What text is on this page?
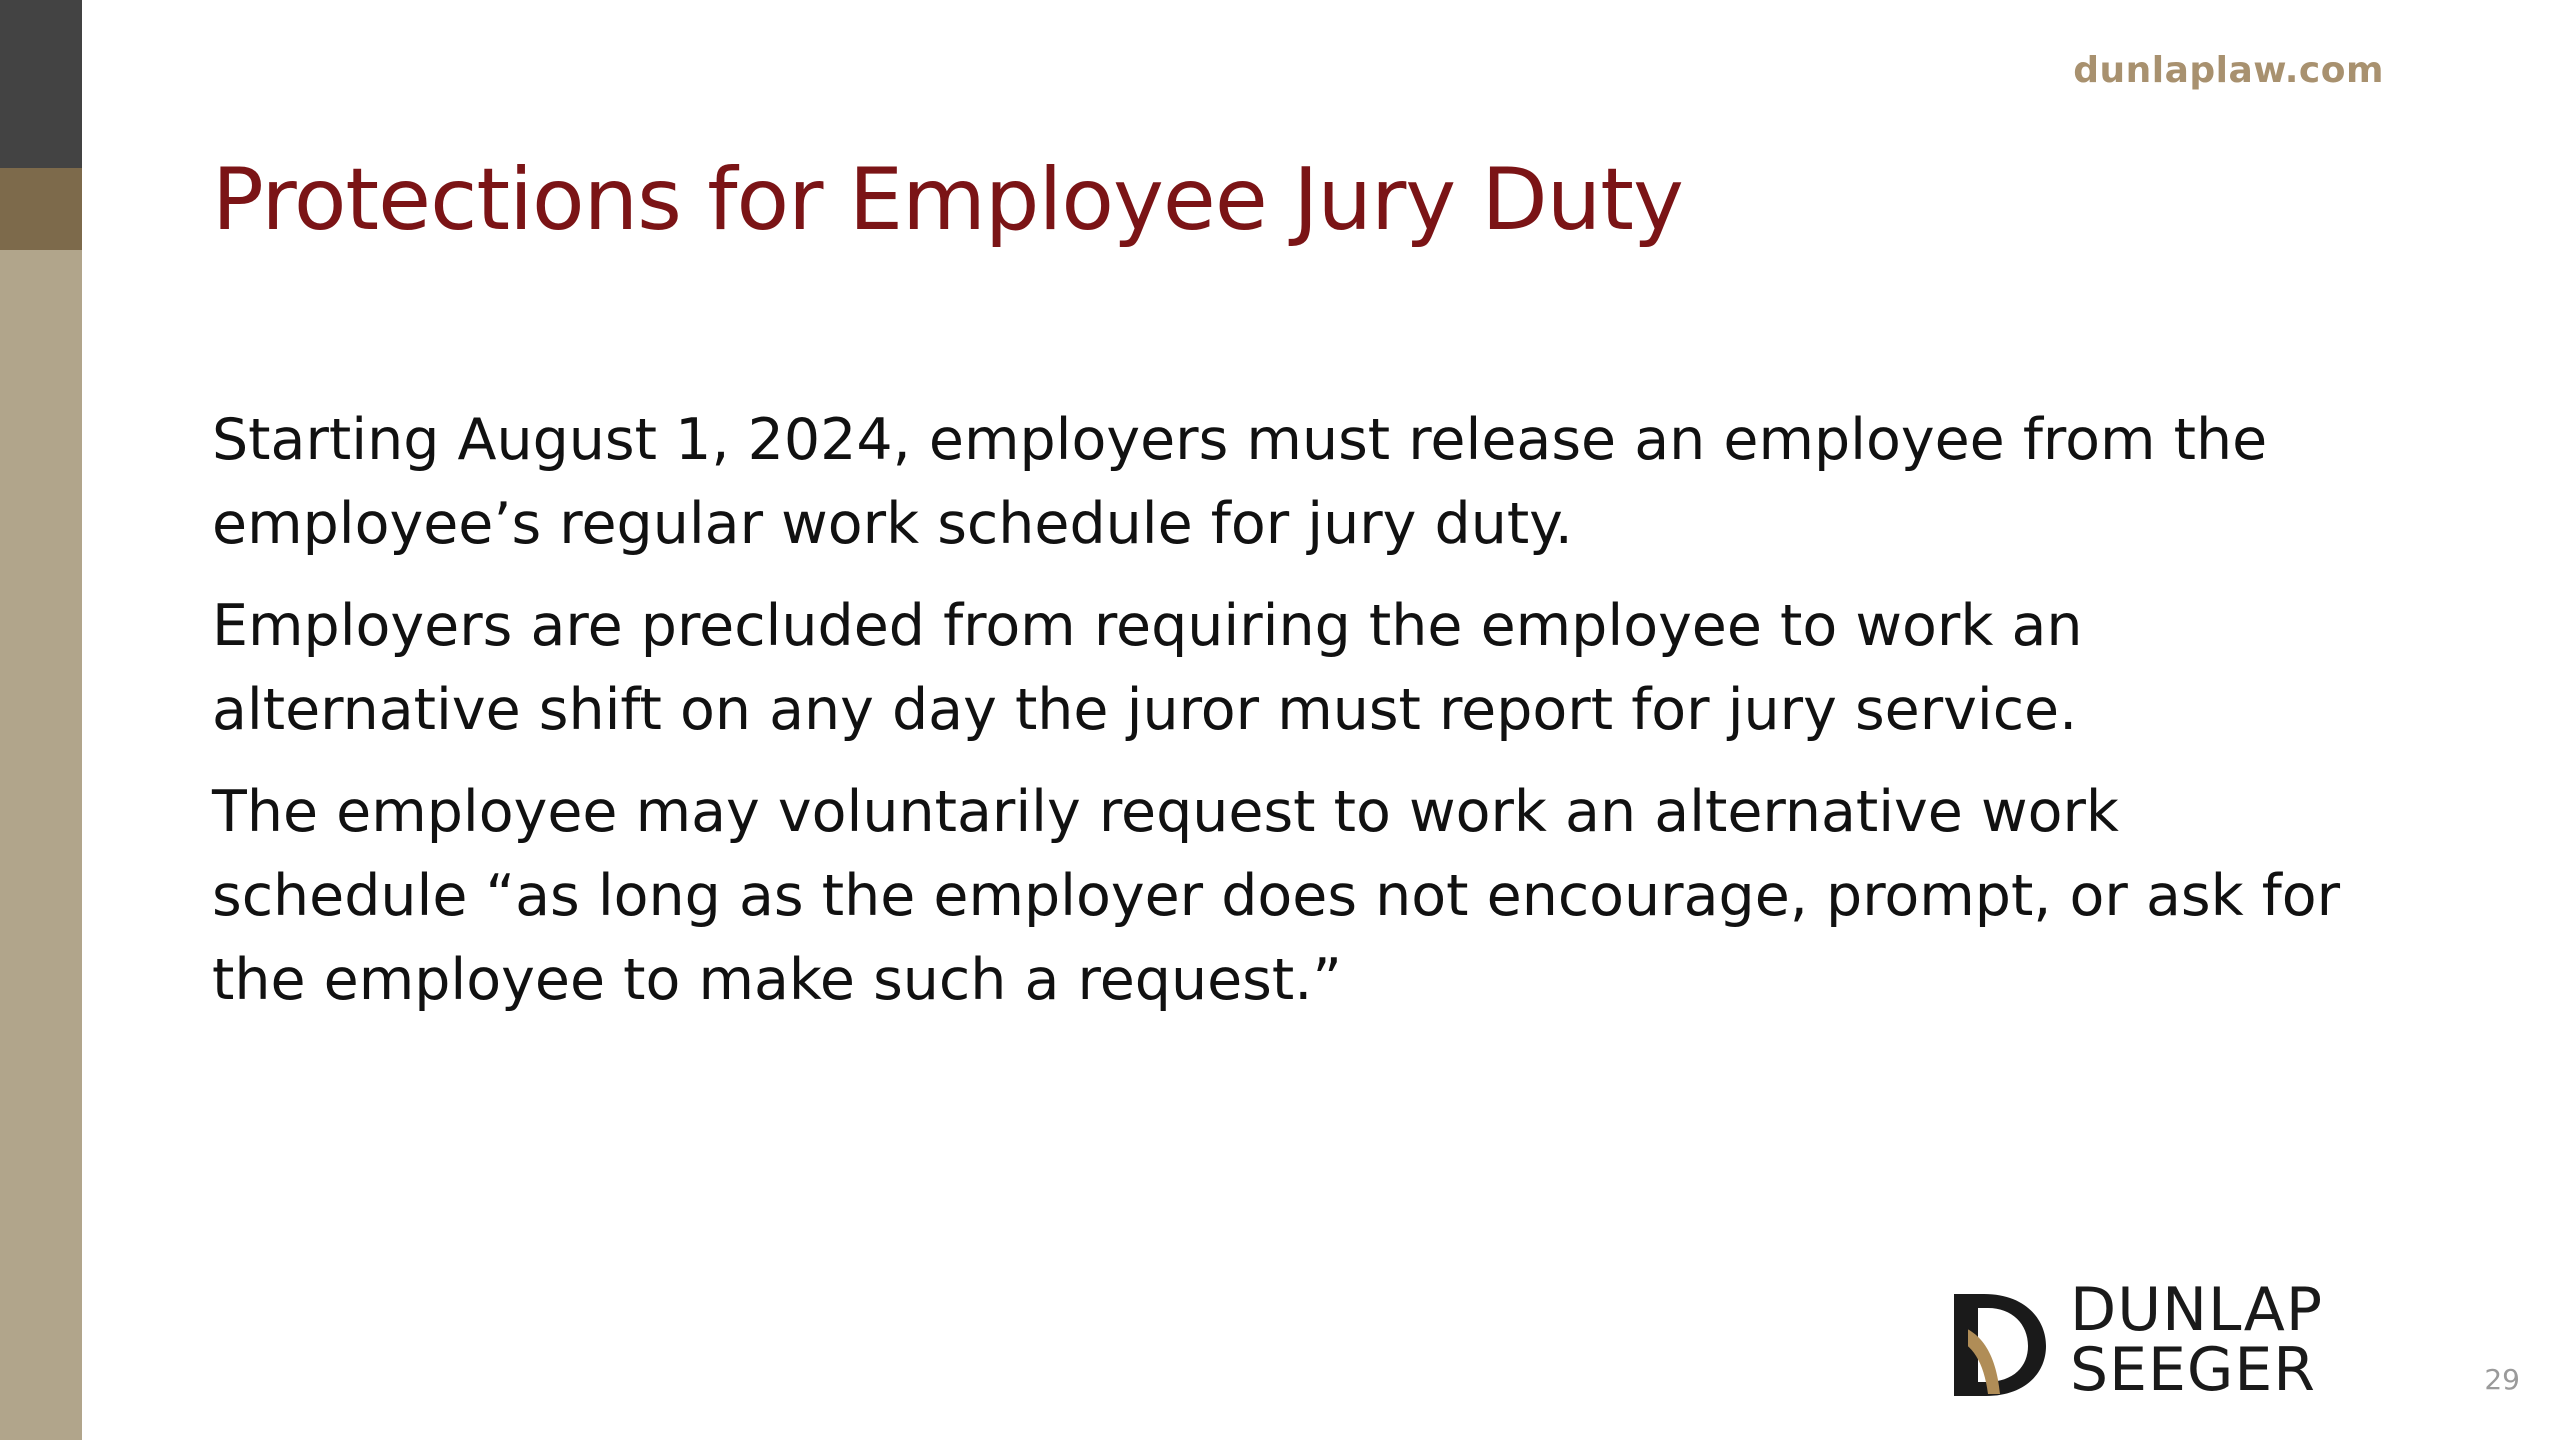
dunlaplaw.com
Protections for Employee Jury Duty

Starting August 1, 2024, employers must release an employee from the employee’s regular work schedule for jury duty.

Employers are precluded from requiring the employee to work an alternative shift on any day the juror must report for jury service.

The employee may voluntarily request to work an alternative work schedule “as long as the employer does not encourage, prompt, or ask for the employee to make such a request.”

DUNLAP
SEEGER	29
